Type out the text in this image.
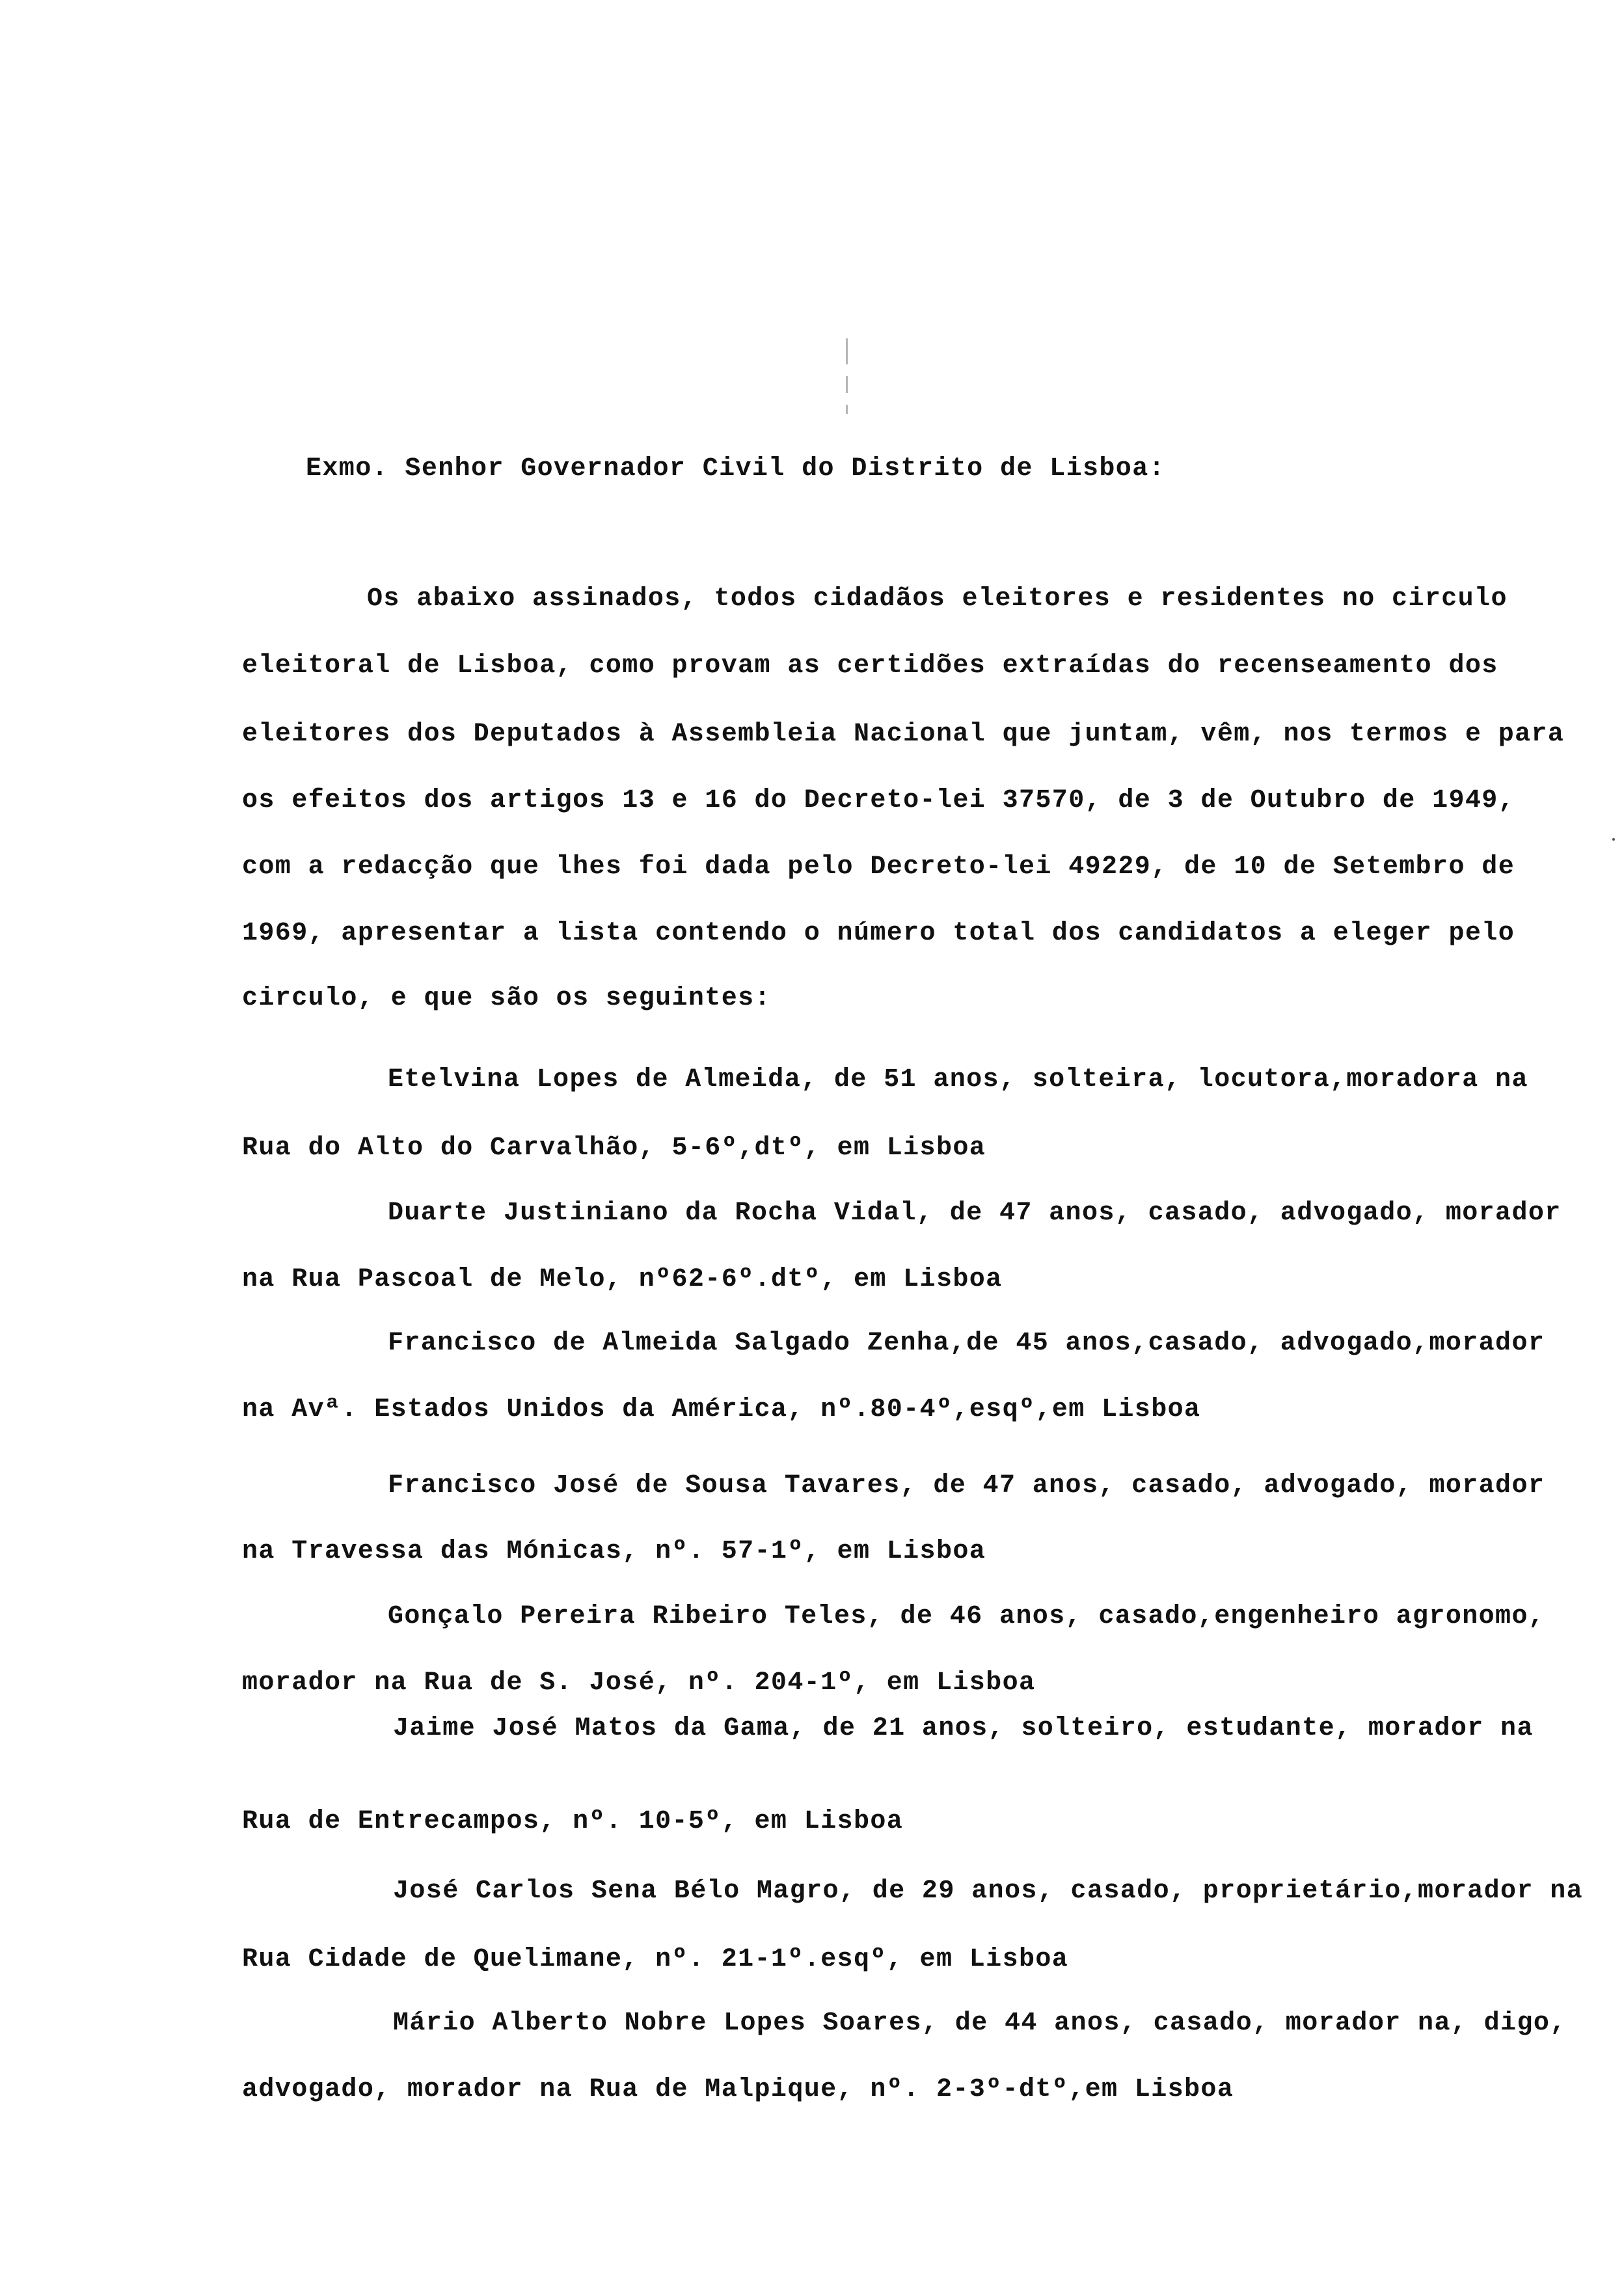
Exmo. Senhor Governador Civil do Distrito de Lisboa:
Os abaixo assinados, todos cidadãos eleitores e residentes no circulo
eleitoral de Lisboa, como provam as certidões extraídas do recenseamento dos
eleitores dos Deputados à Assembleia Nacional que juntam, vêm, nos termos e para
os efeitos dos artigos 13 e 16 do Decreto-lei 37570, de 3 de Outubro de 1949,
com a redacção que lhes foi dada pelo Decreto-lei 49229, de 10 de Setembro de
1969, apresentar a lista contendo o número total dos candidatos a eleger pelo
circulo, e que são os seguintes:
Etelvina Lopes de Almeida, de 51 anos, solteira, locutora,moradora na
Rua do Alto do Carvalhão, 5-6º,dtº, em Lisboa
Duarte Justiniano da Rocha Vidal, de 47 anos, casado, advogado, morador
na Rua Pascoal de Melo, nº62-6º.dtº, em Lisboa
Francisco de Almeida Salgado Zenha,de 45 anos,casado, advogado,morador
na Avª. Estados Unidos da América, nº.80-4º,esqº,em Lisboa
Francisco José de Sousa Tavares, de 47 anos, casado, advogado, morador
na Travessa das Mónicas, nº. 57-1º, em Lisboa
Gonçalo Pereira Ribeiro Teles, de 46 anos, casado,engenheiro agronomo,
morador na Rua de S. José, nº. 204-1º, em Lisboa
Jaime José Matos da Gama, de 21 anos, solteiro, estudante, morador na
Rua de Entrecampos, nº. 10-5º, em Lisboa
José Carlos Sena Bélo Magro, de 29 anos, casado, proprietário,morador na
Rua Cidade de Quelimane, nº. 21-1º.esqº, em Lisboa
Mário Alberto Nobre Lopes Soares, de 44 anos, casado, morador na, digo,
advogado, morador na Rua de Malpique, nº. 2-3º-dtº,em Lisboa
